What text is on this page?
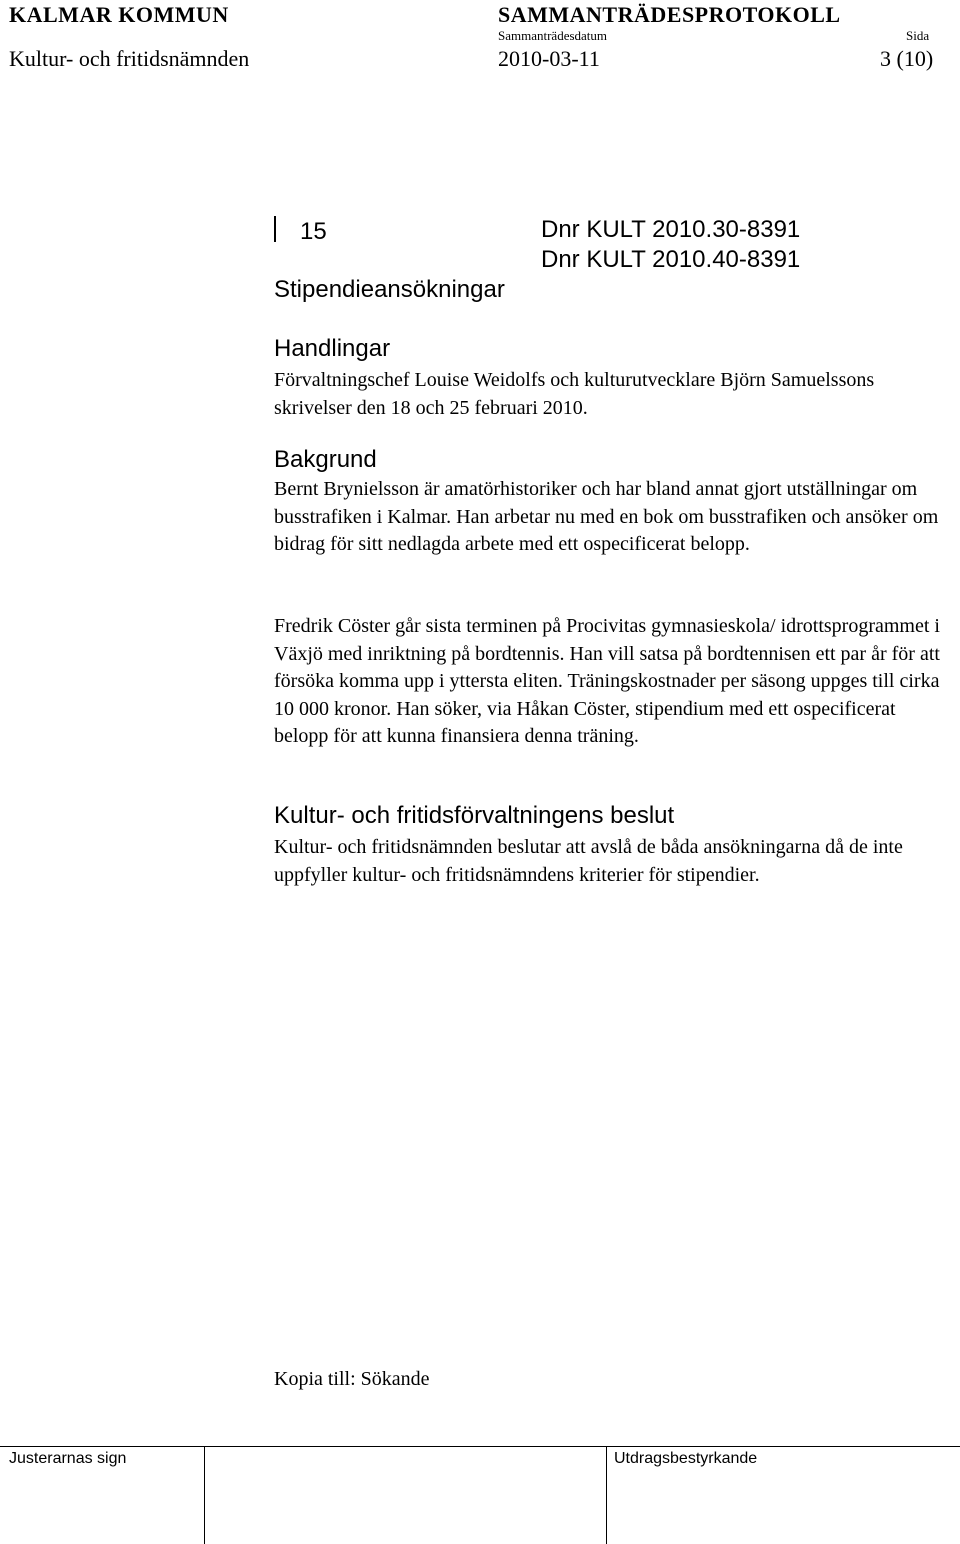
KALMAR KOMMUN	SAMMANTRÄDESPROTOKOLL
Kultur- och fritidsnämnden
Sammanträdesdatum
2010-03-11
Sida
3 (10)
15	Dnr KULT 2010.30-8391
Dnr KULT 2010.40-8391
Stipendieansökningar
Handlingar

Förvaltningschef Louise Weidolfs och kulturutvecklare Björn Samuelssons skrivelser den 18 och 25 februari 2010.

Bakgrund

Bernt Brynielsson är amatörhistoriker och har bland annat gjort utställningar om busstrafiken i Kalmar. Han arbetar nu med en bok om busstrafiken och ansöker om bidrag för sitt nedlagda arbete med ett ospecificerat belopp.

Fredrik Cöster går sista terminen på Procivitas gymnasieskola/ idrottsprogrammet i Växjö med inriktning på bordtennis. Han vill satsa på bordtennisen ett par år för att försöka komma upp i yttersta eliten. Träningskostnader per säsong uppges till cirka 10 000 kronor. Han söker, via Håkan Cöster, stipendium med ett ospecificerat belopp för att kunna finansiera denna träning.

Kultur- och fritidsförvaltningens beslut

Kultur- och fritidsnämnden beslutar att avslå de båda ansökningarna då de inte uppfyller kultur- och fritidsnämndens kriterier för stipendier.

Kopia till: Sökande

Justerarnas sign	Utdragsbestyrkande
